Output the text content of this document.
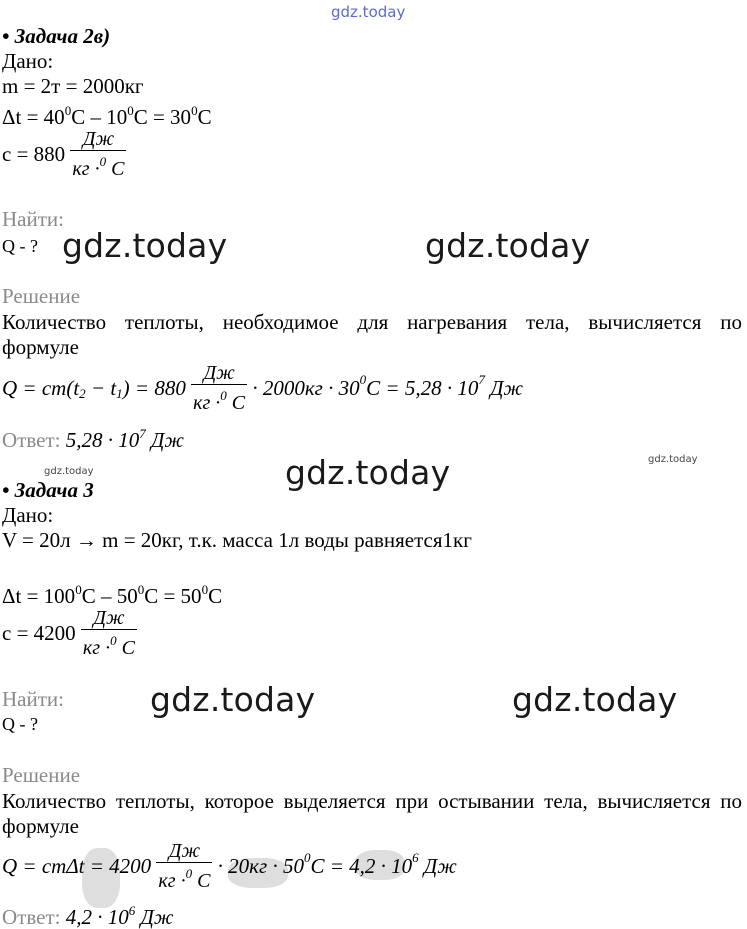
gdz.today
• Задача 2в)
Дано:
m = 2т = 2000кг
$\Delta t = 40^0C - 10^0C = 30^0C$
$c = 880 \frac{Дж}{кг \cdot^0 C}$
Найти:
Q - ? gdz.today	gdz.today
Решение
Количество теплоты, необходимое для нагревания тела, вычисляется по
формуле
$Q = cm(t_2 - t_1) = 880 \frac{Дж}{кг \cdot^0 C} \cdot 2000кг \cdot 30^0C = 5,28 \cdot 10^7$ Дж
Ответ: $5,28 \cdot 10^7$ Дж
gdz.today	gdz.today	gdz.today
• Задача 3
Дано:
V = 20л → m = 20кг, т.к. масса 1л воды равняется1кг
$\Delta t = 100^0C - 50^0C = 50^0C$
$c = 4200 \frac{Дж}{кг \cdot^0 C}$
Найти:	gdz.today	gdz.today
Q - ?
Решение
Количество теплоты, которое выделяется при остывании тела, вычисляется по
формуле
$Q = cm\Delta t = 4200 \frac{Дж}{кг \cdot^0 C} \cdot 20кг \cdot 50^0C = 4,2 \cdot 10^6$ Дж
Ответ: $4,2 \cdot 10^6$ Дж
